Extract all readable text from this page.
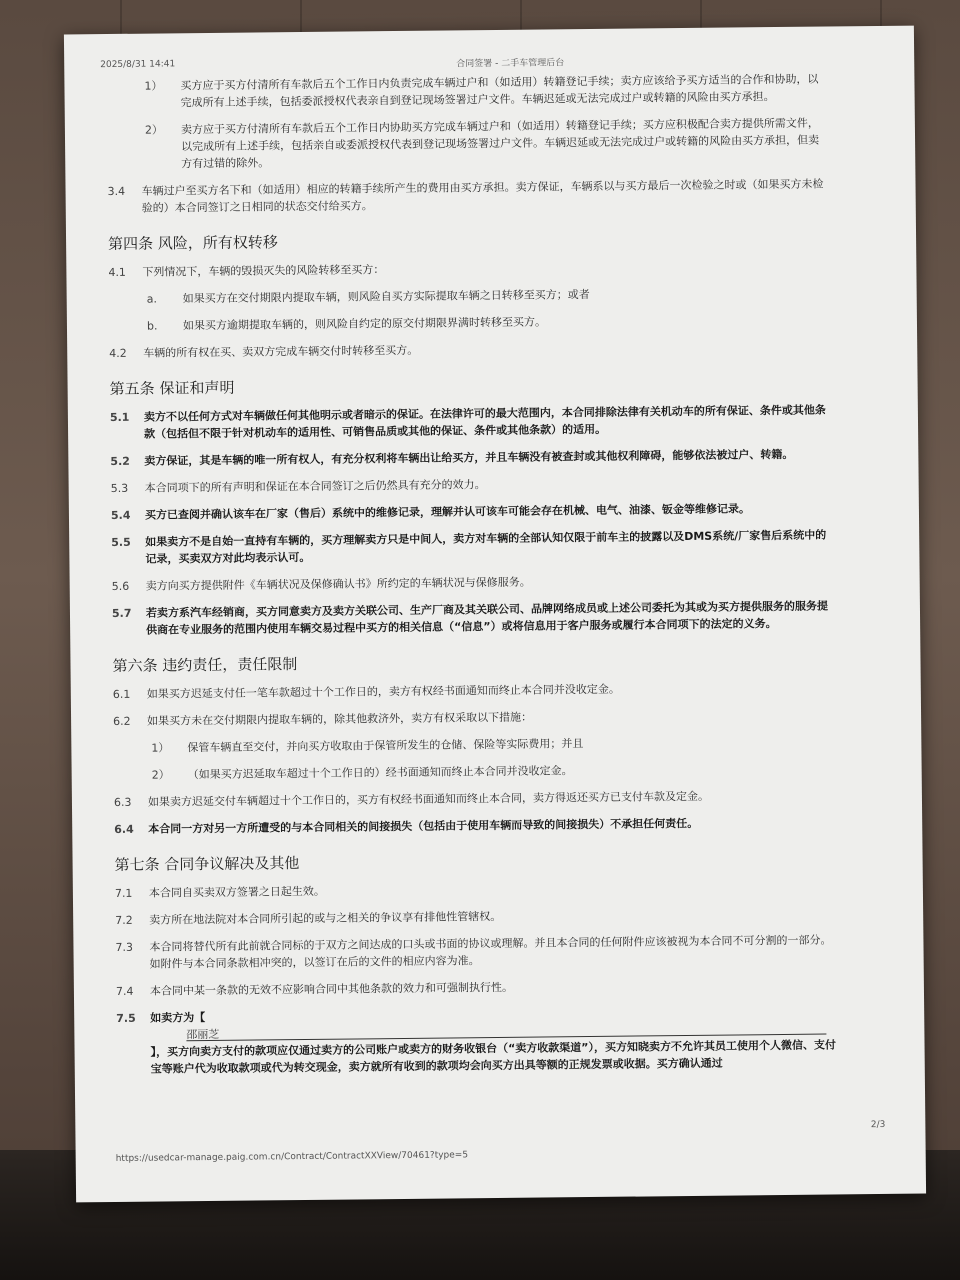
2025/8/31 14:41	合同签署 - 二手车管理后台
1） 买方应于买方付清所有车款后五个工作日内负责完成车辆过户和（如适用）转籍登记手续；卖方应该给予买方适当的合作和协助，以完成所有上述手续，包括委派授权代表亲自到登记现场签署过户文件。车辆迟延或无法完成过户或转籍的风险由买方承担。
2） 卖方应于买方付清所有车款后五个工作日内协助买方完成车辆过户和（如适用）转籍登记手续；买方应积极配合卖方提供所需文件，以完成所有上述手续，包括亲自或委派授权代表到登记现场签署过户文件。车辆迟延或无法完成过户或转籍的风险由买方承担，但卖方有过错的除外。
3.4 车辆过户至买方名下和（如适用）相应的转籍手续所产生的费用由买方承担。卖方保证，车辆系以与买方最后一次检验之时或（如果买方未检验的）本合同签订之日相同的状态交付给买方。
第四条 风险，所有权转移
4.1 下列情况下，车辆的毁损灭失的风险转移至买方：
a. 如果买方在交付期限内提取车辆，则风险自买方实际提取车辆之日转移至买方；或者
b. 如果买方逾期提取车辆的，则风险自约定的原交付期限界满时转移至买方。
4.2 车辆的所有权在买、卖双方完成车辆交付时转移至买方。
第五条 保证和声明
5.1 卖方不以任何方式对车辆做任何其他明示或者暗示的保证。在法律许可的最大范围内，本合同排除法律有关机动车的所有保证、条件或其他条款（包括但不限于针对机动车的适用性、可销售品质或其他的保证、条件或其他条款）的适用。
5.2 卖方保证，其是车辆的唯一所有权人，有充分权利将车辆出让给买方，并且车辆没有被查封或其他权利障碍，能够依法被过户、转籍。
5.3 本合同项下的所有声明和保证在本合同签订之后仍然具有充分的效力。
5.4 买方已查阅并确认该车在厂家（售后）系统中的维修记录，理解并认可该车可能会存在机械、电气、油漆、钣金等维修记录。
5.5 如果卖方不是自始一直持有车辆的，买方理解卖方只是中间人，卖方对车辆的全部认知仅限于前车主的披露以及DMS系统/厂家售后系统中的记录，买卖双方对此均表示认可。
5.6 卖方向买方提供附件《车辆状况及保修确认书》所约定的车辆状况与保修服务。
5.7 若卖方系汽车经销商，买方同意卖方及卖方关联公司、生产厂商及其关联公司、品牌网络成员或上述公司委托为其或为买方提供服务的服务提供商在专业服务的范围内使用车辆交易过程中买方的相关信息（“信息”）或将信息用于客户服务或履行本合同项下的法定的义务。
第六条 违约责任，责任限制
6.1 如果买方迟延支付任一笔车款超过十个工作日的，卖方有权经书面通知而终止本合同并没收定金。
6.2 如果买方未在交付期限内提取车辆的，除其他救济外，卖方有权采取以下措施：
1） 保管车辆直至交付，并向买方收取由于保管所发生的仓储、保险等实际费用；并且
2） （如果买方迟延取车超过十个工作日的）经书面通知而终止本合同并没收定金。
6.3 如果卖方迟延交付车辆超过十个工作日的，买方有权经书面通知而终止本合同，卖方得返还买方已支付车款及定金。
6.4 本合同一方对另一方所遭受的与本合同相关的间接损失（包括由于使用车辆而导致的间接损失）不承担任何责任。
第七条 合同争议解决及其他
7.1 本合同自买卖双方签署之日起生效。
7.2 卖方所在地法院对本合同所引起的或与之相关的争议享有排他性管辖权。
7.3 本合同将替代所有此前就合同标的于双方之间达成的口头或书面的协议或理解。并且本合同的任何附件应该被视为本合同不可分割的一部分。如附件与本合同条款相冲突的，以签订在后的文件的相应内容为准。
7.4 本合同中某一条款的无效不应影响合同中其他条款的效力和可强制执行性。
7.5 如卖方为【
邵丽芝
】，买方向卖方支付的款项应仅通过卖方的公司账户或卖方的财务收银台（“卖方收款渠道”），买方知晓卖方不允许其员工使用个人微信、支付宝等账户代为收取款项或代为转交现金，卖方就所有收到的款项均会向买方出具等额的正规发票或收据。买方确认通过
2/3
https://usedcar-manage.paig.com.cn/Contract/ContractXXView/70461?type=5
